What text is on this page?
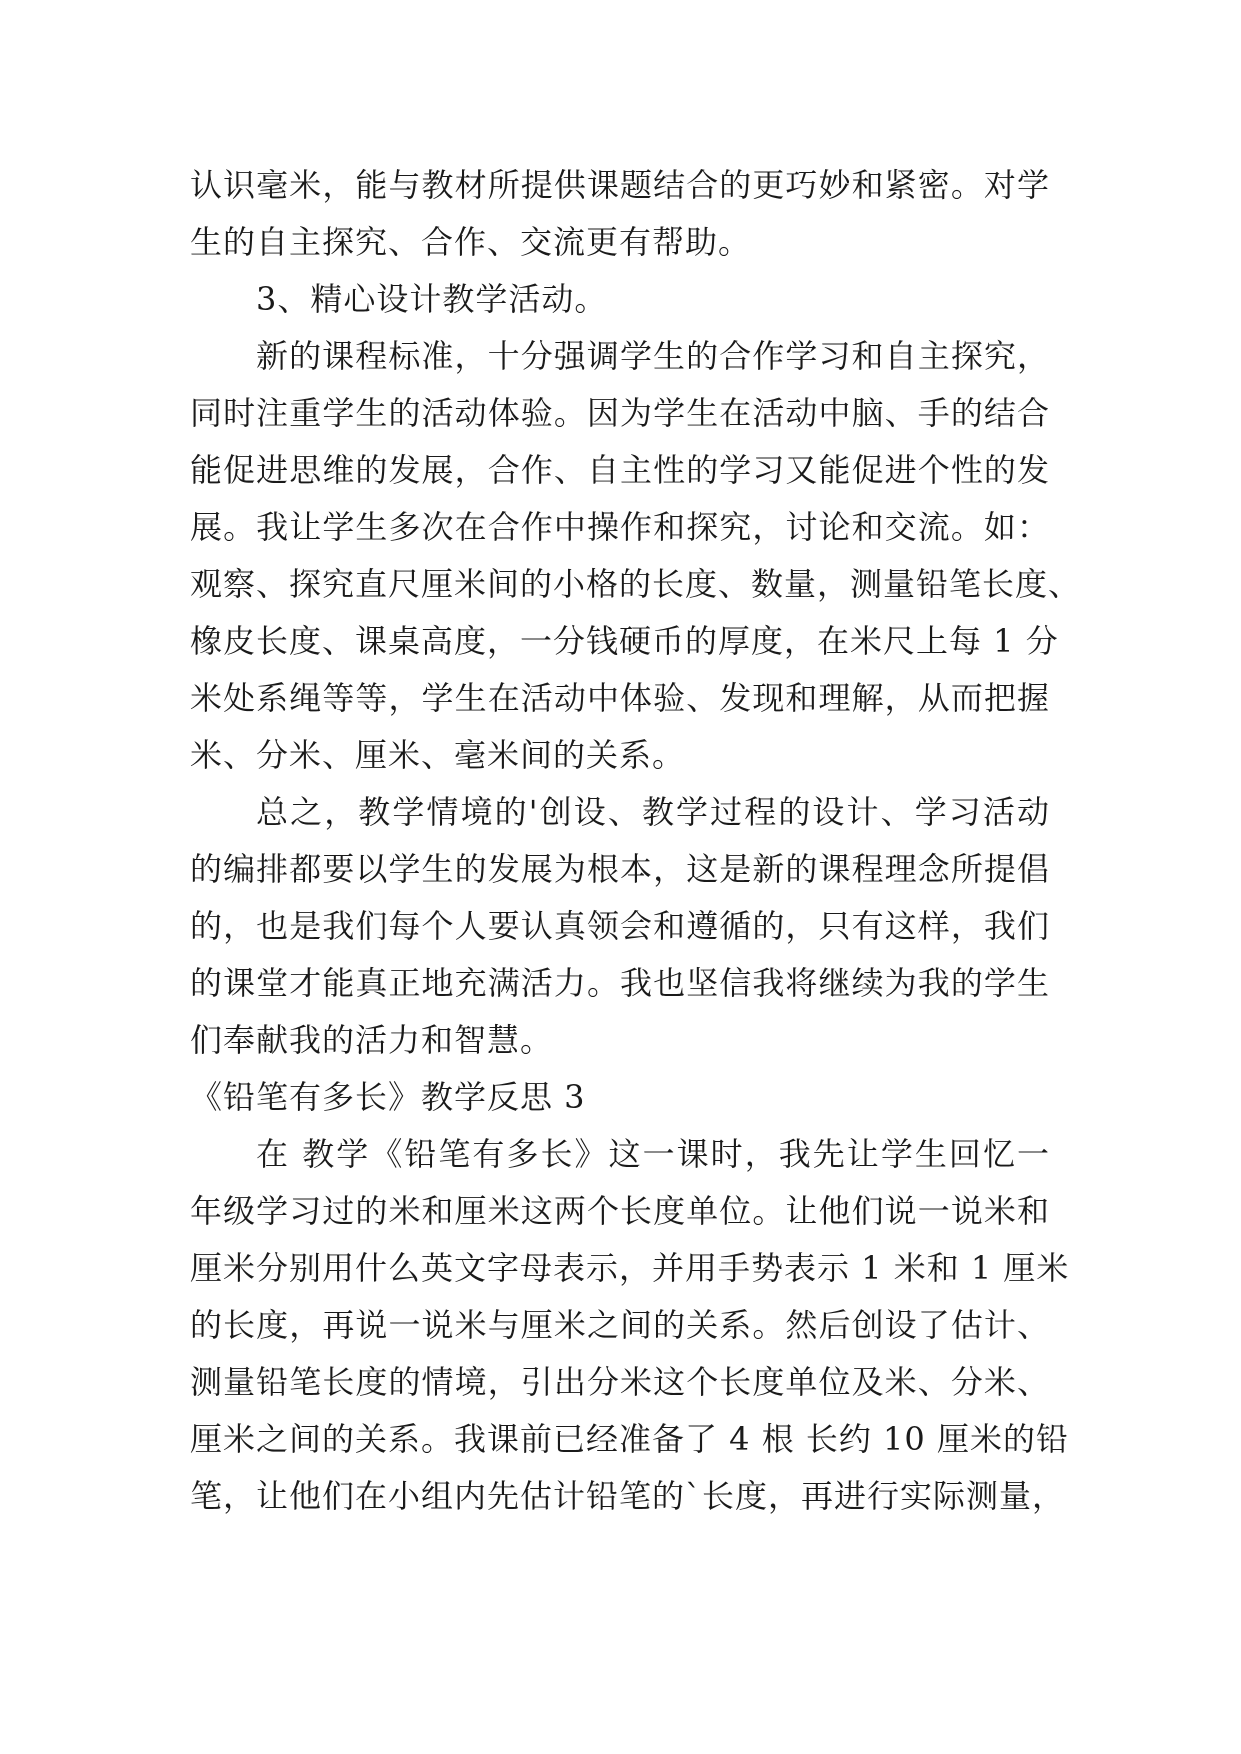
认识毫米，能与教材所提供课题结合的更巧妙和紧密。对学
生的自主探究、合作、交流更有帮助。
3、精心设计教学活动。
新的课程标准，十分强调学生的合作学习和自主探究，
同时注重学生的活动体验。因为学生在活动中脑、手的结合
能促进思维的发展，合作、自主性的学习又能促进个性的发
展。我让学生多次在合作中操作和探究，讨论和交流。如：
观察、探究直尺厘米间的小格的长度、数量，测量铅笔长度、
橡皮长度、课桌高度，一分钱硬币的厚度，在米尺上每 1 分
米处系绳等等，学生在活动中体验、发现和理解，从而把握
米、分米、厘米、毫米间的关系。
总之，教学情境的'创设、教学过程的设计、学习活动
的编排都要以学生的发展为根本，这是新的课程理念所提倡
的，也是我们每个人要认真领会和遵循的，只有这样，我们
的课堂才能真正地充满活力。我也坚信我将继续为我的学生
们奉献我的活力和智慧。
《铅笔有多长》教学反思 3
在 教学《铅笔有多长》这一课时，我先让学生回忆一
年级学习过的米和厘米这两个长度单位。让他们说一说米和
厘米分别用什么英文字母表示，并用手势表示 1 米和 1 厘米
的长度，再说一说米与厘米之间的关系。然后创设了估计、
测量铅笔长度的情境，引出分米这个长度单位及米、分米、
厘米之间的关系。我课前已经准备了 4 根 长约 10 厘米的铅
笔，让他们在小组内先估计铅笔的`长度，再进行实际测量，
